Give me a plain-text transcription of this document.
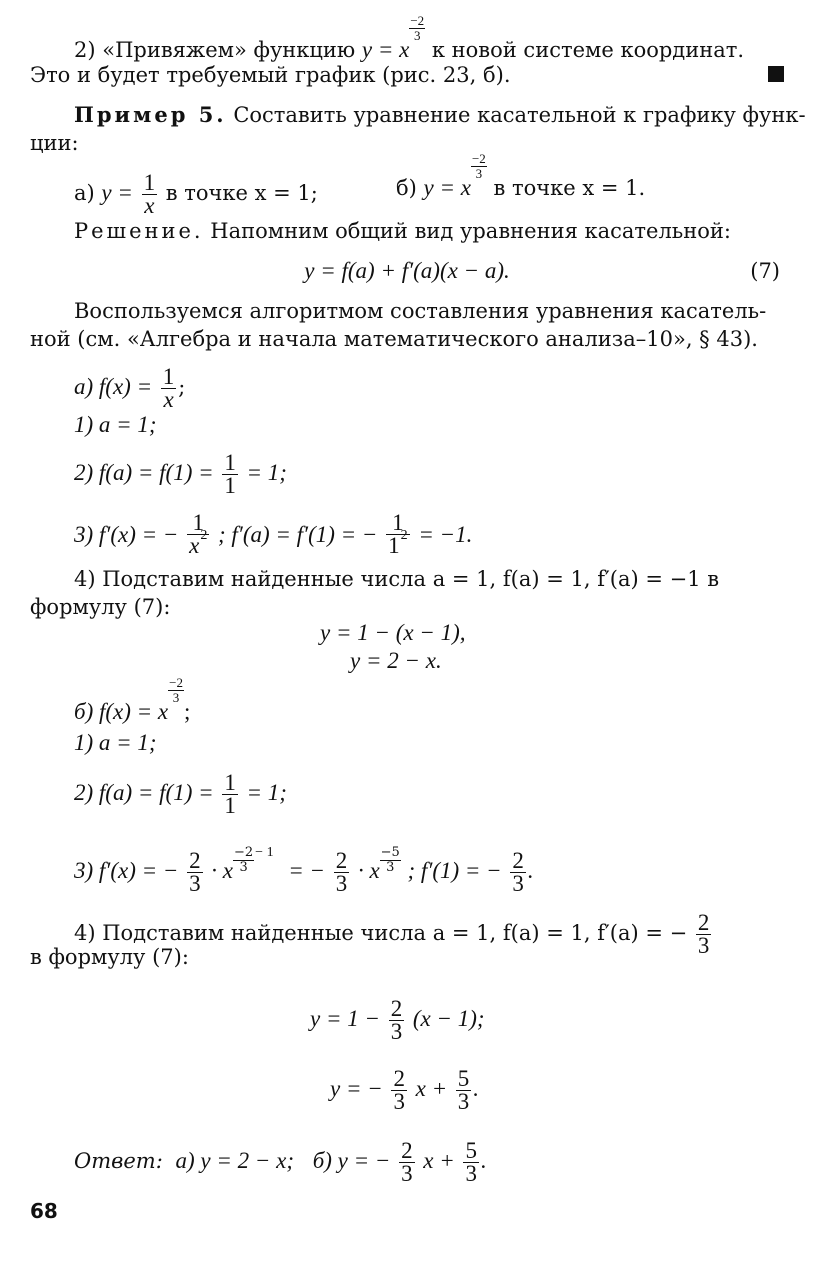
2) «Привяжем» функцию y = x
$\frac{-2}{3}$
к новой системе координат.
Это и будет требуемый график (рис. 23, б).
Пример 5. Составить уравнение касательной к графику функ-
ции:
а) $y = \frac{1}{x}$ в точке x = 1;	б) y = x
$\frac{-2}{3}$
в точке x = 1.
Решение. Напомним общий вид уравнения касательной:
y = f(a) + f′(a)(x − a).	(7)
Воспользуемся алгоритмом составления уравнения касатель-
ной (см. «Алгебра и начала математического анализа–10», § 43).
а) $f(x) = \frac{1}{x}$ ;
1) a = 1;
2) $f(a) = f(1) = \frac{1}{1} = 1$;
3) f′(x) = − $\frac{1}{x^2}$ ; f′(a) = f′(1) = − $\frac{1}{1^2} = -1$.
4) Подставим найденные числа a = 1, f(a) = 1, f′(a) = −1 в
формулу (7):
y = 1 − (x − 1),
y = 2 − x.
б) f(x) = x
$\frac{-2}{3}$
;
1) a = 1;
2) $f(a) = f(1) = \frac{1}{1} = 1$;
3) f′(x) = − $\frac{2}{3} \cdot x \frac{-2}{3} ^{- 1}$ = − $\frac{2}{3} \cdot x \frac{-5}{3}$ ; f′(1) = − $\frac{2}{3}$ .
4) Подставим найденные числа a = 1, f(a) = 1, f′(a) = − $\frac{2}{3}$
в формулу (7):
$y = 1 - \frac{2}{3} (x - 1)$;
y = − $\frac{2}{3}$ $x + \frac{5}{3}$ .
Ответ: а) y = 2 − x; б) y = − $\frac{2}{3}$ $x + \frac{5}{3}$ .
68
